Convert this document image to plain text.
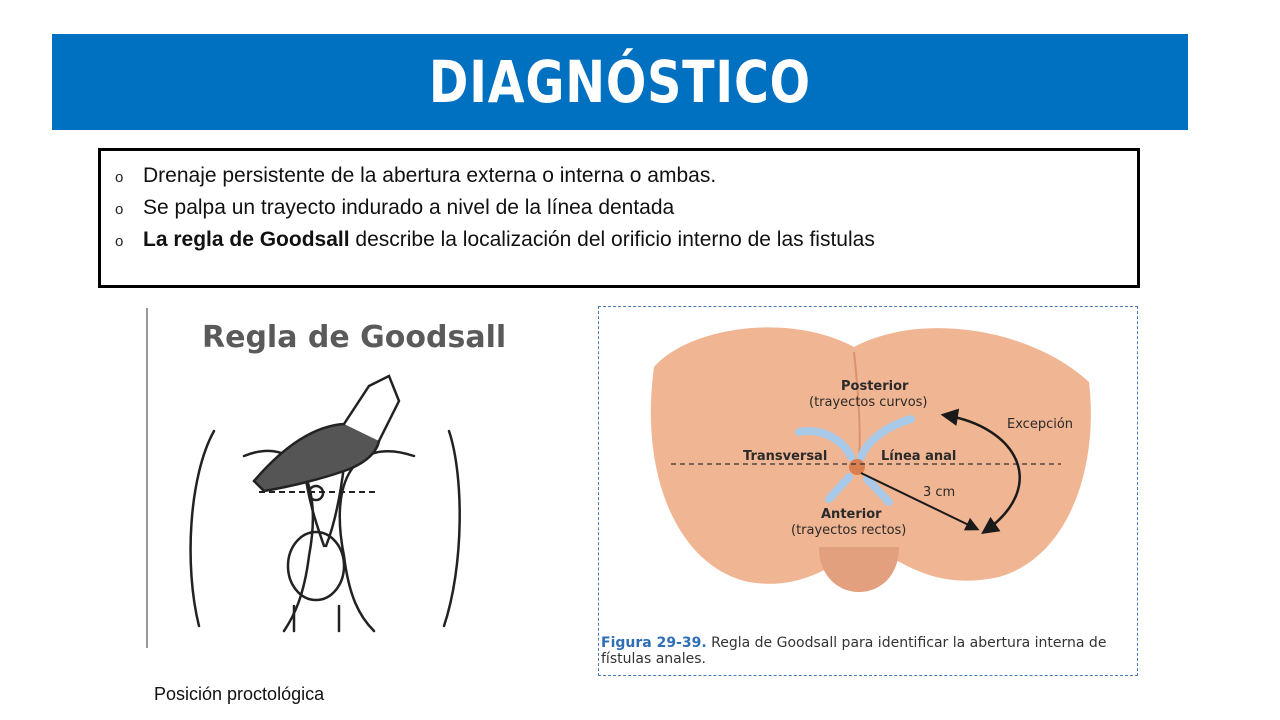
DIAGNÓSTICO
o Drenaje persistente de la abertura externa o interna o ambas.
o Se palpa un trayecto indurado a nivel de la línea dentada
o La regla de Goodsall describe la localización del orificio interno de las fistulas
Regla de Goodsall
Posición proctológica
Posterior
(trayectos curvos)
Excepción
Transversal	Línea anal
3 cm
Anterior
(trayectos rectos)
Figura 29-39. Regla de Goodsall para identificar la abertura interna de fístulas anales.
